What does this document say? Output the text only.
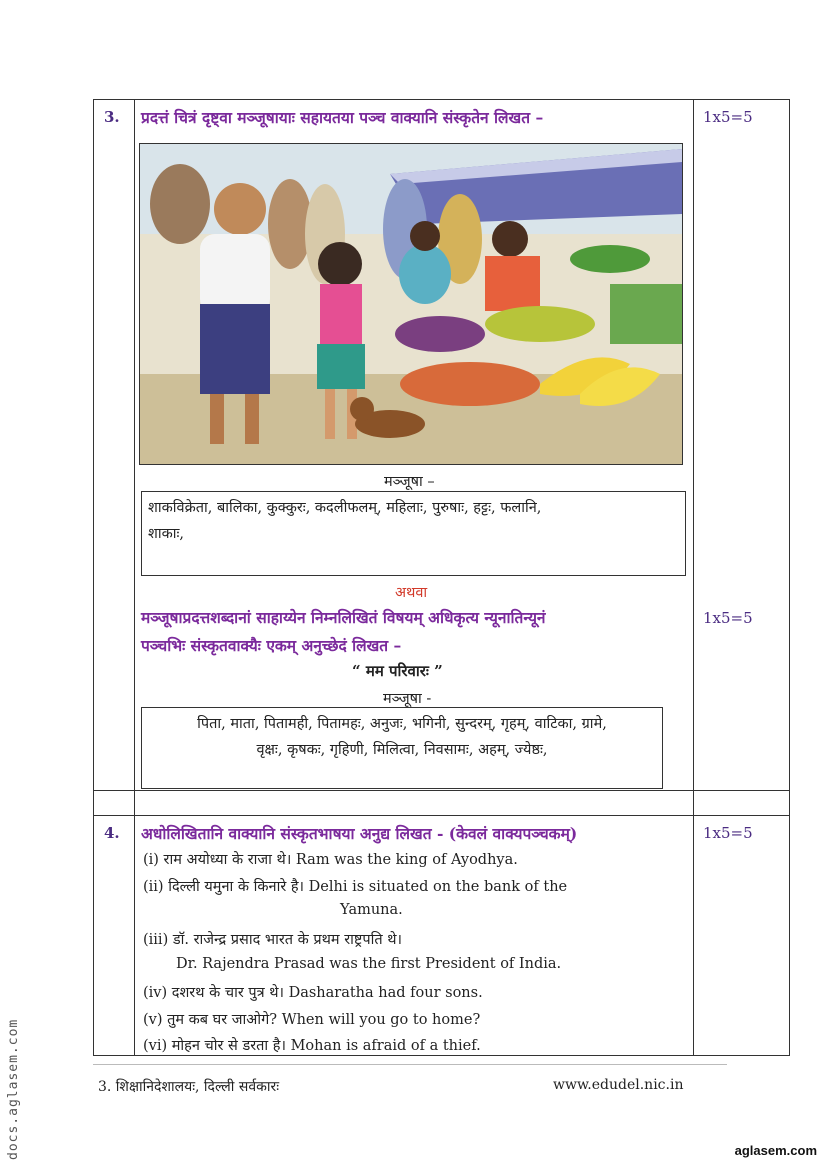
3. प्रदत्तं चित्रं दृष्ट्वा मञ्जूषायाः सहायतया पञ्च वाक्यानि संस्कृतेन लिखत –	1x5=5
मञ्जूषा –
शाकविक्रेता, बालिका, कुक्कुरः, कदलीफलम्, महिलाः, पुरुषाः, हट्टः, फलानि,
शाकाः,
अथवा
मञ्जूषाप्रदत्तशब्दानां साहाय्येन निम्नलिखितं विषयम् अधिकृत्य न्यूनातिन्यूनं	1x5=5
पञ्चभिः संस्कृतवाक्यैः एकम् अनुच्छेदं लिखत –
“ मम परिवारः ”
मञ्जूषा -
पिता, माता, पितामही, पितामहः, अनुजः, भगिनी, सुन्दरम्, गृहम्, वाटिका, ग्रामे,
वृक्षः, कृषकः, गृहिणी, मिलित्वा, निवसामः, अहम्, ज्येष्ठः,
4. अधोलिखितानि वाक्यानि संस्कृतभाषया अनुद्य लिखत - (केवलं वाक्यपञ्चकम्)	1x5=5
(i) राम अयोध्या के राजा थे। Ram was the king of Ayodhya.
(ii) दिल्ली यमुना के किनारे है। Delhi is situated on the bank of the
Yamuna.
(iii) डॉ. राजेन्द्र प्रसाद भारत के प्रथम राष्ट्रपति थे।
Dr. Rajendra Prasad was the first President of India.
(iv) दशरथ के चार पुत्र थे। Dasharatha had four sons.
(v) तुम कब घर जाओगे? When will you go to home?
(vi) मोहन चोर से डरता है। Mohan is afraid of a thief.
3. शिक्षानिदेशालयः, दिल्ली सर्वकारः	www.edudel.nic.in
docs.aglasem.com	aglasem.com
